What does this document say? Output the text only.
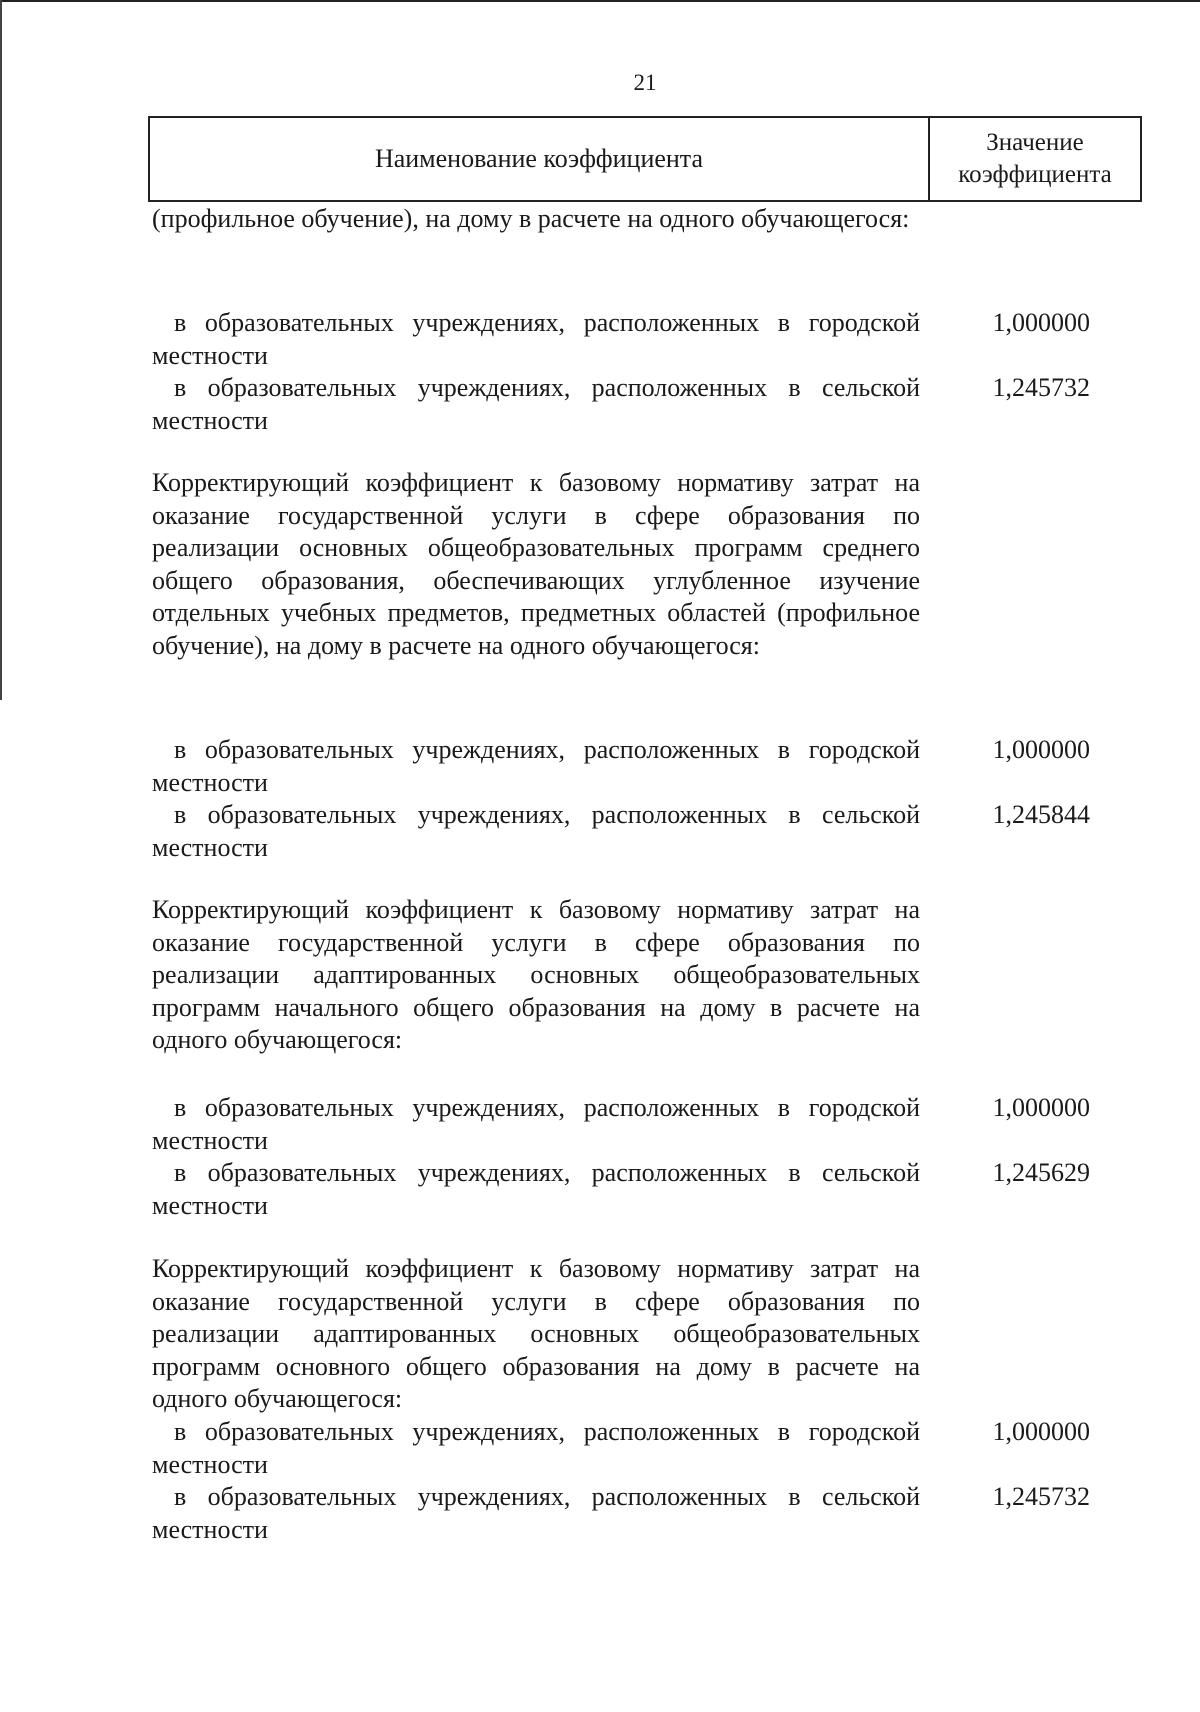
21
Наименование коэффициента
Значение коэффициента
(профильное обучение), на дому в расчете на одного обучающегося:
в образовательных учреждениях, расположенных в городской местности
1,000000
в образовательных учреждениях, расположенных в сельской местности
1,245732
Корректирующий коэффициент к базовому нормативу затрат на оказание государственной услуги в сфере образования по реализации основных общеобразовательных программ среднего общего образования, обеспечивающих углубленное изучение отдельных учебных предметов, предметных областей (профильное обучение), на дому в расчете на одного обучающегося:
в образовательных учреждениях, расположенных в городской местности
1,000000
в образовательных учреждениях, расположенных в сельской местности
1,245844
Корректирующий коэффициент к базовому нормативу затрат на оказание государственной услуги в сфере образования по реализации адаптированных основных общеобразовательных программ начального общего образования на дому в расчете на одного обучающегося:
в образовательных учреждениях, расположенных в городской местности
1,000000
в образовательных учреждениях, расположенных в сельской местности
1,245629
Корректирующий коэффициент к базовому нормативу затрат на оказание государственной услуги в сфере образования по реализации адаптированных основных общеобразовательных программ основного общего образования на дому в расчете на одного обучающегося:
в образовательных учреждениях, расположенных в городской местности
1,000000
в образовательных учреждениях, расположенных в сельской местности
1,245732
